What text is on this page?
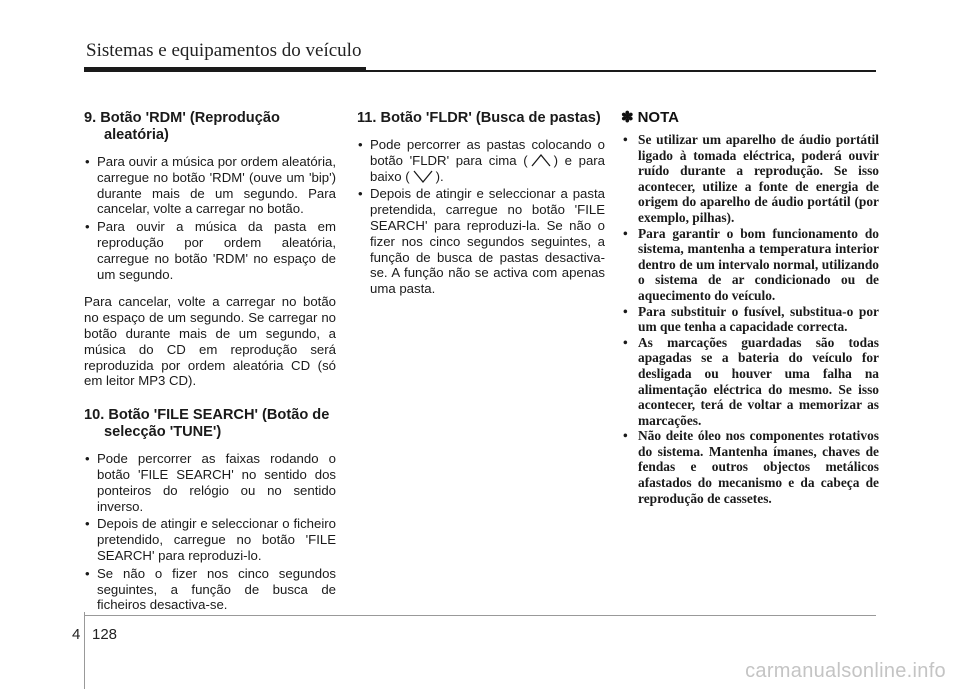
Sistemas e equipamentos do veículo
9. Botão 'RDM' (Reprodução aleatória)
• Para ouvir a música por ordem aleatória, carregue no botão 'RDM' (ouve um 'bip') durante mais de um segundo. Para cancelar, volte a carregar no botão.
• Para ouvir a música da pasta em reprodução por ordem aleatória, carregue no botão 'RDM' no espaço de um segundo.

Para cancelar, volte a carregar no botão no espaço de um segundo. Se carregar no botão durante mais de um segundo, a música do CD em reprodução será reproduzida por ordem aleatória CD (só em leitor MP3 CD).

10. Botão 'FILE SEARCH' (Botão de selecção 'TUNE')
• Pode percorrer as faixas rodando o botão 'FILE SEARCH' no sentido dos ponteiros do relógio ou no sentido inverso.
• Depois de atingir e seleccionar o ficheiro pretendido, carregue no botão 'FILE SEARCH' para reproduzi-lo.
• Se não o fizer nos cinco segundos seguintes, a função de busca de ficheiros desactiva-se.
11. Botão 'FLDR' (Busca de pastas)
• Pode percorrer as pastas colocando o botão 'FLDR' para cima ( ) e para baixo ( ).
• Depois de atingir e seleccionar a pasta pretendida, carregue no botão 'FILE SEARCH' para reproduzi-la. Se não o fizer nos cinco segundos seguintes, a função de busca de pastas desactiva-se. A função não se activa com apenas uma pasta.
✽ NOTA
• Se utilizar um aparelho de áudio portátil ligado à tomada eléctrica, poderá ouvir ruído durante a reprodução. Se isso acontecer, utilize a fonte de energia de origem do aparelho de áudio portátil (por exemplo, pilhas).
• Para garantir o bom funcionamento do sistema, mantenha a temperatura interior dentro de um intervalo normal, utilizando o sistema de ar condicionado ou de aquecimento do veículo.
• Para substituir o fusível, substitua-o por um que tenha a capacidade correcta.
• As marcações guardadas são todas apagadas se a bateria do veículo for desligada ou houver uma falha na alimentação eléctrica do mesmo. Se isso acontecer, terá de voltar a memorizar as marcações.
• Não deite óleo nos componentes rotativos do sistema. Mantenha ímanes, chaves de fendas e outros objectos metálicos afastados do mecanismo e da cabeça de reprodução de cassetes.
4 128
carmanualsonline.info
